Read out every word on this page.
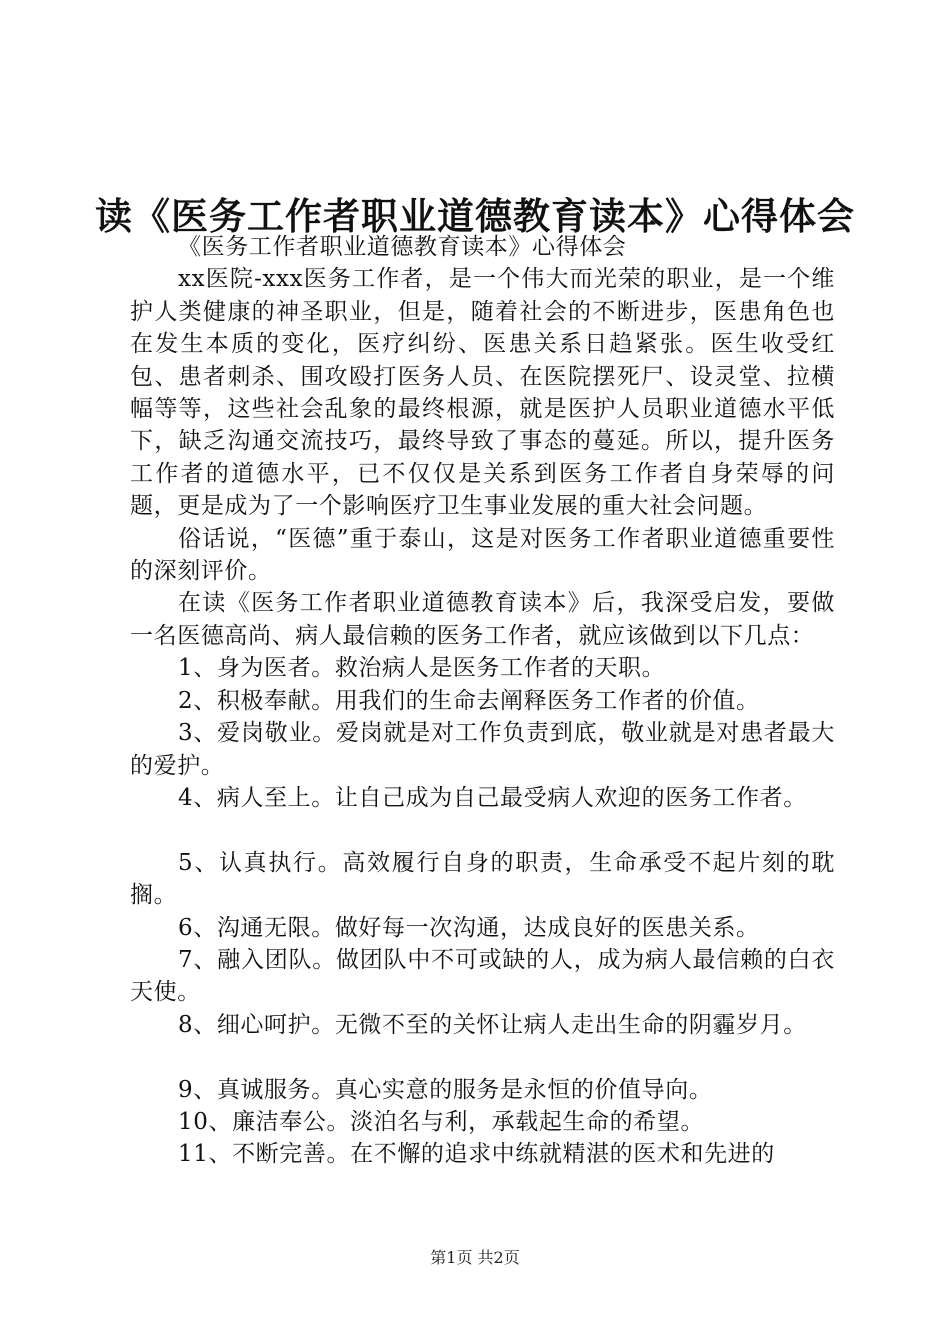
读《医务工作者职业道德教育读本》心得体会

《医务工作者职业道德教育读本》心得体会

xx医院-xxx医务工作者，是一个伟大而光荣的职业，是一个维护人类健康的神圣职业，但是，随着社会的不断进步，医患角色也在发生本质的变化，医疗纠纷、医患关系日趋紧张。医生收受红包、患者刺杀、围攻殴打医务人员、在医院摆死尸、设灵堂、拉横幅等等，这些社会乱象的最终根源，就是医护人员职业道德水平低下，缺乏沟通交流技巧，最终导致了事态的蔓延。所以，提升医务工作者的道德水平，已不仅仅是关系到医务工作者自身荣辱的问题，更是成为了一个影响医疗卫生事业发展的重大社会问题。

俗话说，“医德”重于泰山，这是对医务工作者职业道德重要性的深刻评价。

在读《医务工作者职业道德教育读本》后，我深受启发，要做一名医德高尚、病人最信赖的医务工作者，就应该做到以下几点：

1、身为医者。救治病人是医务工作者的天职。

2、积极奉献。用我们的生命去阐释医务工作者的价值。

3、爱岗敬业。爱岗就是对工作负责到底，敬业就是对患者最大的爱护。

4、病人至上。让自己成为自己最受病人欢迎的医务工作者。

5、认真执行。高效履行自身的职责，生命承受不起片刻的耽搁。

6、沟通无限。做好每一次沟通，达成良好的医患关系。

7、融入团队。做团队中不可或缺的人，成为病人最信赖的白衣天使。

8、细心呵护。无微不至的关怀让病人走出生命的阴霾岁月。

9、真诚服务。真心实意的服务是永恒的价值导向。

10、廉洁奉公。淡泊名与利，承载起生命的希望。

11、不断完善。在不懈的追求中练就精湛的医术和先进的

第1页 共2页
